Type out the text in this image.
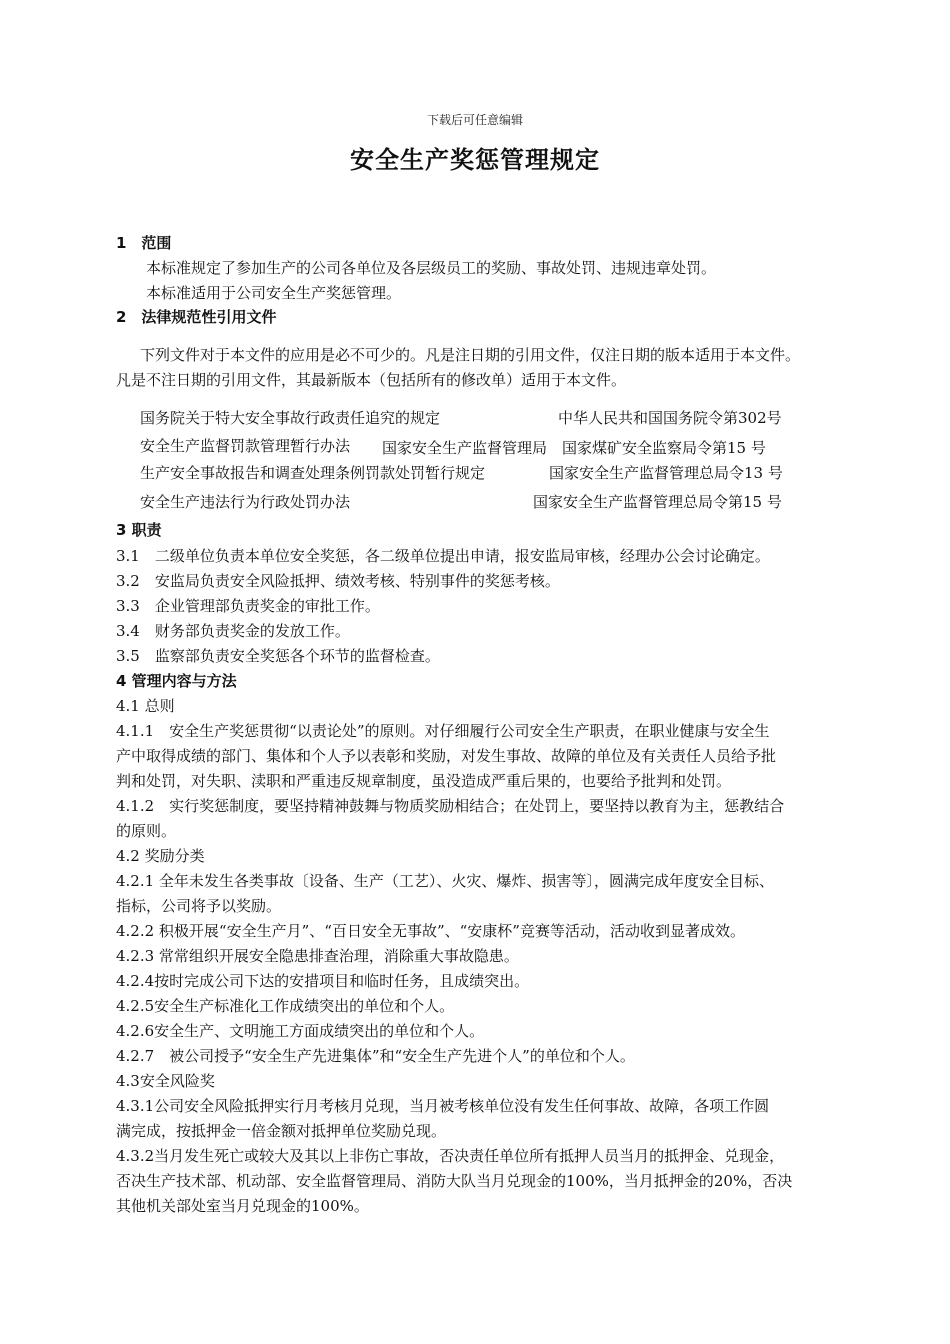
下载后可任意编辑
安全生产奖惩管理规定
1　范围
本标准规定了参加生产的公司各单位及各层级员工的奖励、事故处罚、违规违章处罚。
本标准适用于公司安全生产奖惩管理。
2　法律规范性引用文件
下列文件对于本文件的应用是必不可少的。凡是注日期的引用文件，仅注日期的版本适用于本文件。
凡是不注日期的引用文件，其最新版本（包括所有的修改单）适用于本文件。
国务院关于特大安全事故行政责任追究的规定	中华人民共和国国务院令第302号
安全生产监督罚款管理暂行办法 国家安全生产监督管理局　国家煤矿安全监察局令第15 号
生产安全事故报告和调查处理条例罚款处罚暂行规定	国家安全生产监督管理总局令13 号
安全生产违法行为行政处罚办法	国家安全生产监督管理总局令第15 号
3 职责
3.1　二级单位负责本单位安全奖惩，各二级单位提出申请，报安监局审核，经理办公会讨论确定。
3.2　安监局负责安全风险抵押、绩效考核、特别事件的奖惩考核。
3.3　企业管理部负责奖金的审批工作。
3.4　财务部负责奖金的发放工作。
3.5　监察部负责安全奖惩各个环节的监督检查。
4 管理内容与方法
4.1 总则
4.1.1　安全生产奖惩贯彻“以责论处”的原则。对仔细履行公司安全生产职责，在职业健康与安全生
产中取得成绩的部门、集体和个人予以表彰和奖励，对发生事故、故障的单位及有关责任人员给予批
判和处罚，对失职、渎职和严重违反规章制度，虽没造成严重后果的，也要给予批判和处罚。
4.1.2　实行奖惩制度，要坚持精神鼓舞与物质奖励相结合；在处罚上，要坚持以教育为主，惩教结合
的原则。
4.2 奖励分类
4.2.1 全年未发生各类事故〔设备、生产（工艺）、火灾、爆炸、损害等〕，圆满完成年度安全目标、
指标，公司将予以奖励。
4.2.2 积极开展“安全生产月”、“百日安全无事故”、“安康杯”竞赛等活动，活动收到显著成效。
4.2.3 常常组织开展安全隐患排查治理，消除重大事故隐患。
4.2.4按时完成公司下达的安措项目和临时任务，且成绩突出。
4.2.5安全生产标准化工作成绩突出的单位和个人。
4.2.6安全生产、文明施工方面成绩突出的单位和个人。
4.2.7　被公司授予“安全生产先进集体”和“安全生产先进个人”的单位和个人。
4.3安全风险奖
4.3.1公司安全风险抵押实行月考核月兑现，当月被考核单位没有发生任何事故、故障，各项工作圆
满完成，按抵押金一倍金额对抵押单位奖励兑现。
4.3.2当月发生死亡或较大及其以上非伤亡事故，否决责任单位所有抵押人员当月的抵押金、兑现金，
否决生产技术部、机动部、安全监督管理局、消防大队当月兑现金的100%，当月抵押金的20%，否决
其他机关部处室当月兑现金的100%。
